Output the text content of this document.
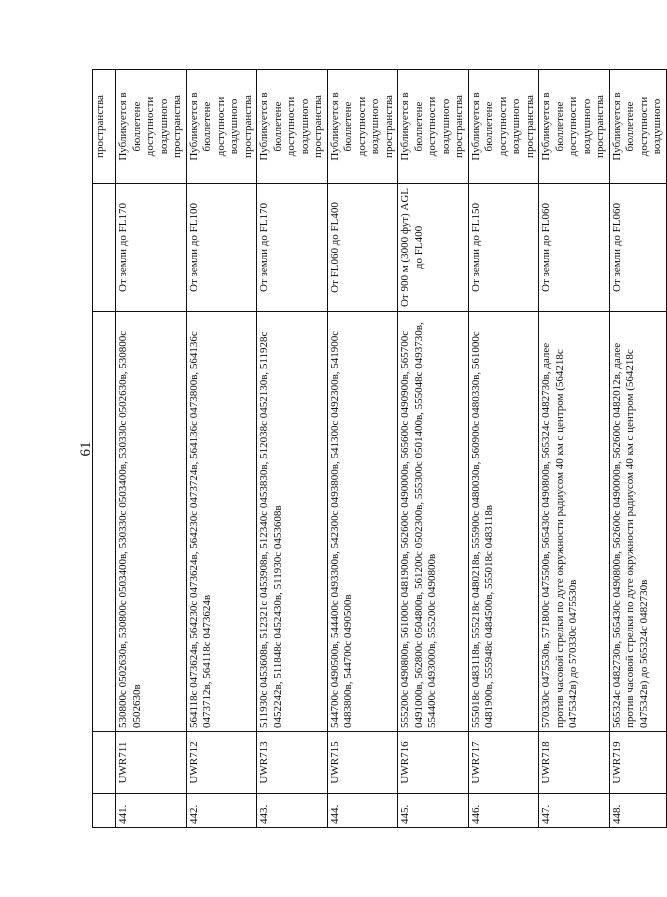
61
				пространства
441.	UWR711	530800с 0502630в, 530800с 0503400в, 530330с 0503400в, 530330с 0502630в, 530800с 0502630в	От земли до FL170	Публикуется в бюллетене доступности воздушного пространства
442.	UWR712	564118с 0473624в, 564230с 0473624в, 564230с 0473724в, 564136с 0473800в, 564136с 0473712в, 564118с 0473624в	От земли до FL100	Публикуется в бюллетене доступности воздушного пространства
443.	UWR713	511930с 0453608в, 512321с 0453908в, 512340с 0453830в, 512038с 0452130в, 511928с 0452242в, 511848с 0452430в, 511930с 0453608в	От земли до FL170	Публикуется в бюллетене доступности воздушного пространства
444.	UWR715	544700с 0490500в, 544400с 0493300в, 542300с 0493800в, 541300с 0492300в, 541900с 0483800в, 544700с 0490500в	От FL060 до FL400	Публикуется в бюллетене доступности воздушного пространства
445.	UWR716	555200с 0490800в, 561000с 0481900в, 562600с 0490000в, 565600с 0490900в, 565700с 0491000в, 562800с 0504800в, 561200с 0502300в, 555300с 0501400в, 555048с 0493730в, 554400с 0493000в, 555200с 0490800в	От 900 м (3000 фут) AGL до FL400	Публикуется в бюллетене доступности воздушного пространства
446.	UWR717	555018с 0483118в, 555218с 0480218в, 555900с 0480030в, 560900с 0480330в, 561000с 0481900в, 555948с 0484500в, 555018с 0483118в	От земли до FL150	Публикуется в бюллетене доступности воздушного пространства
447.	UWR718	570330с 0475530в, 571800с 0475500в, 565430с 0490800в, 565324с 0482730в, далее против часовой стрелки по дуге окружности радиусом 40 км с центром (564218с 0475342в) до 570330с 0475530в	От земли до FL060	Публикуется в бюллетене доступности воздушного пространства
448.	UWR719	565324с 0482730в, 565430с 0490800в, 562600с 0490000в, 562600с 0482012в, далее против часовой стрелки по дуге окружности радиусом 40 км с центром (564218с 0475342в) до 565324с 0482730в	От земли до FL060	Публикуется в бюллетене доступности воздушного
